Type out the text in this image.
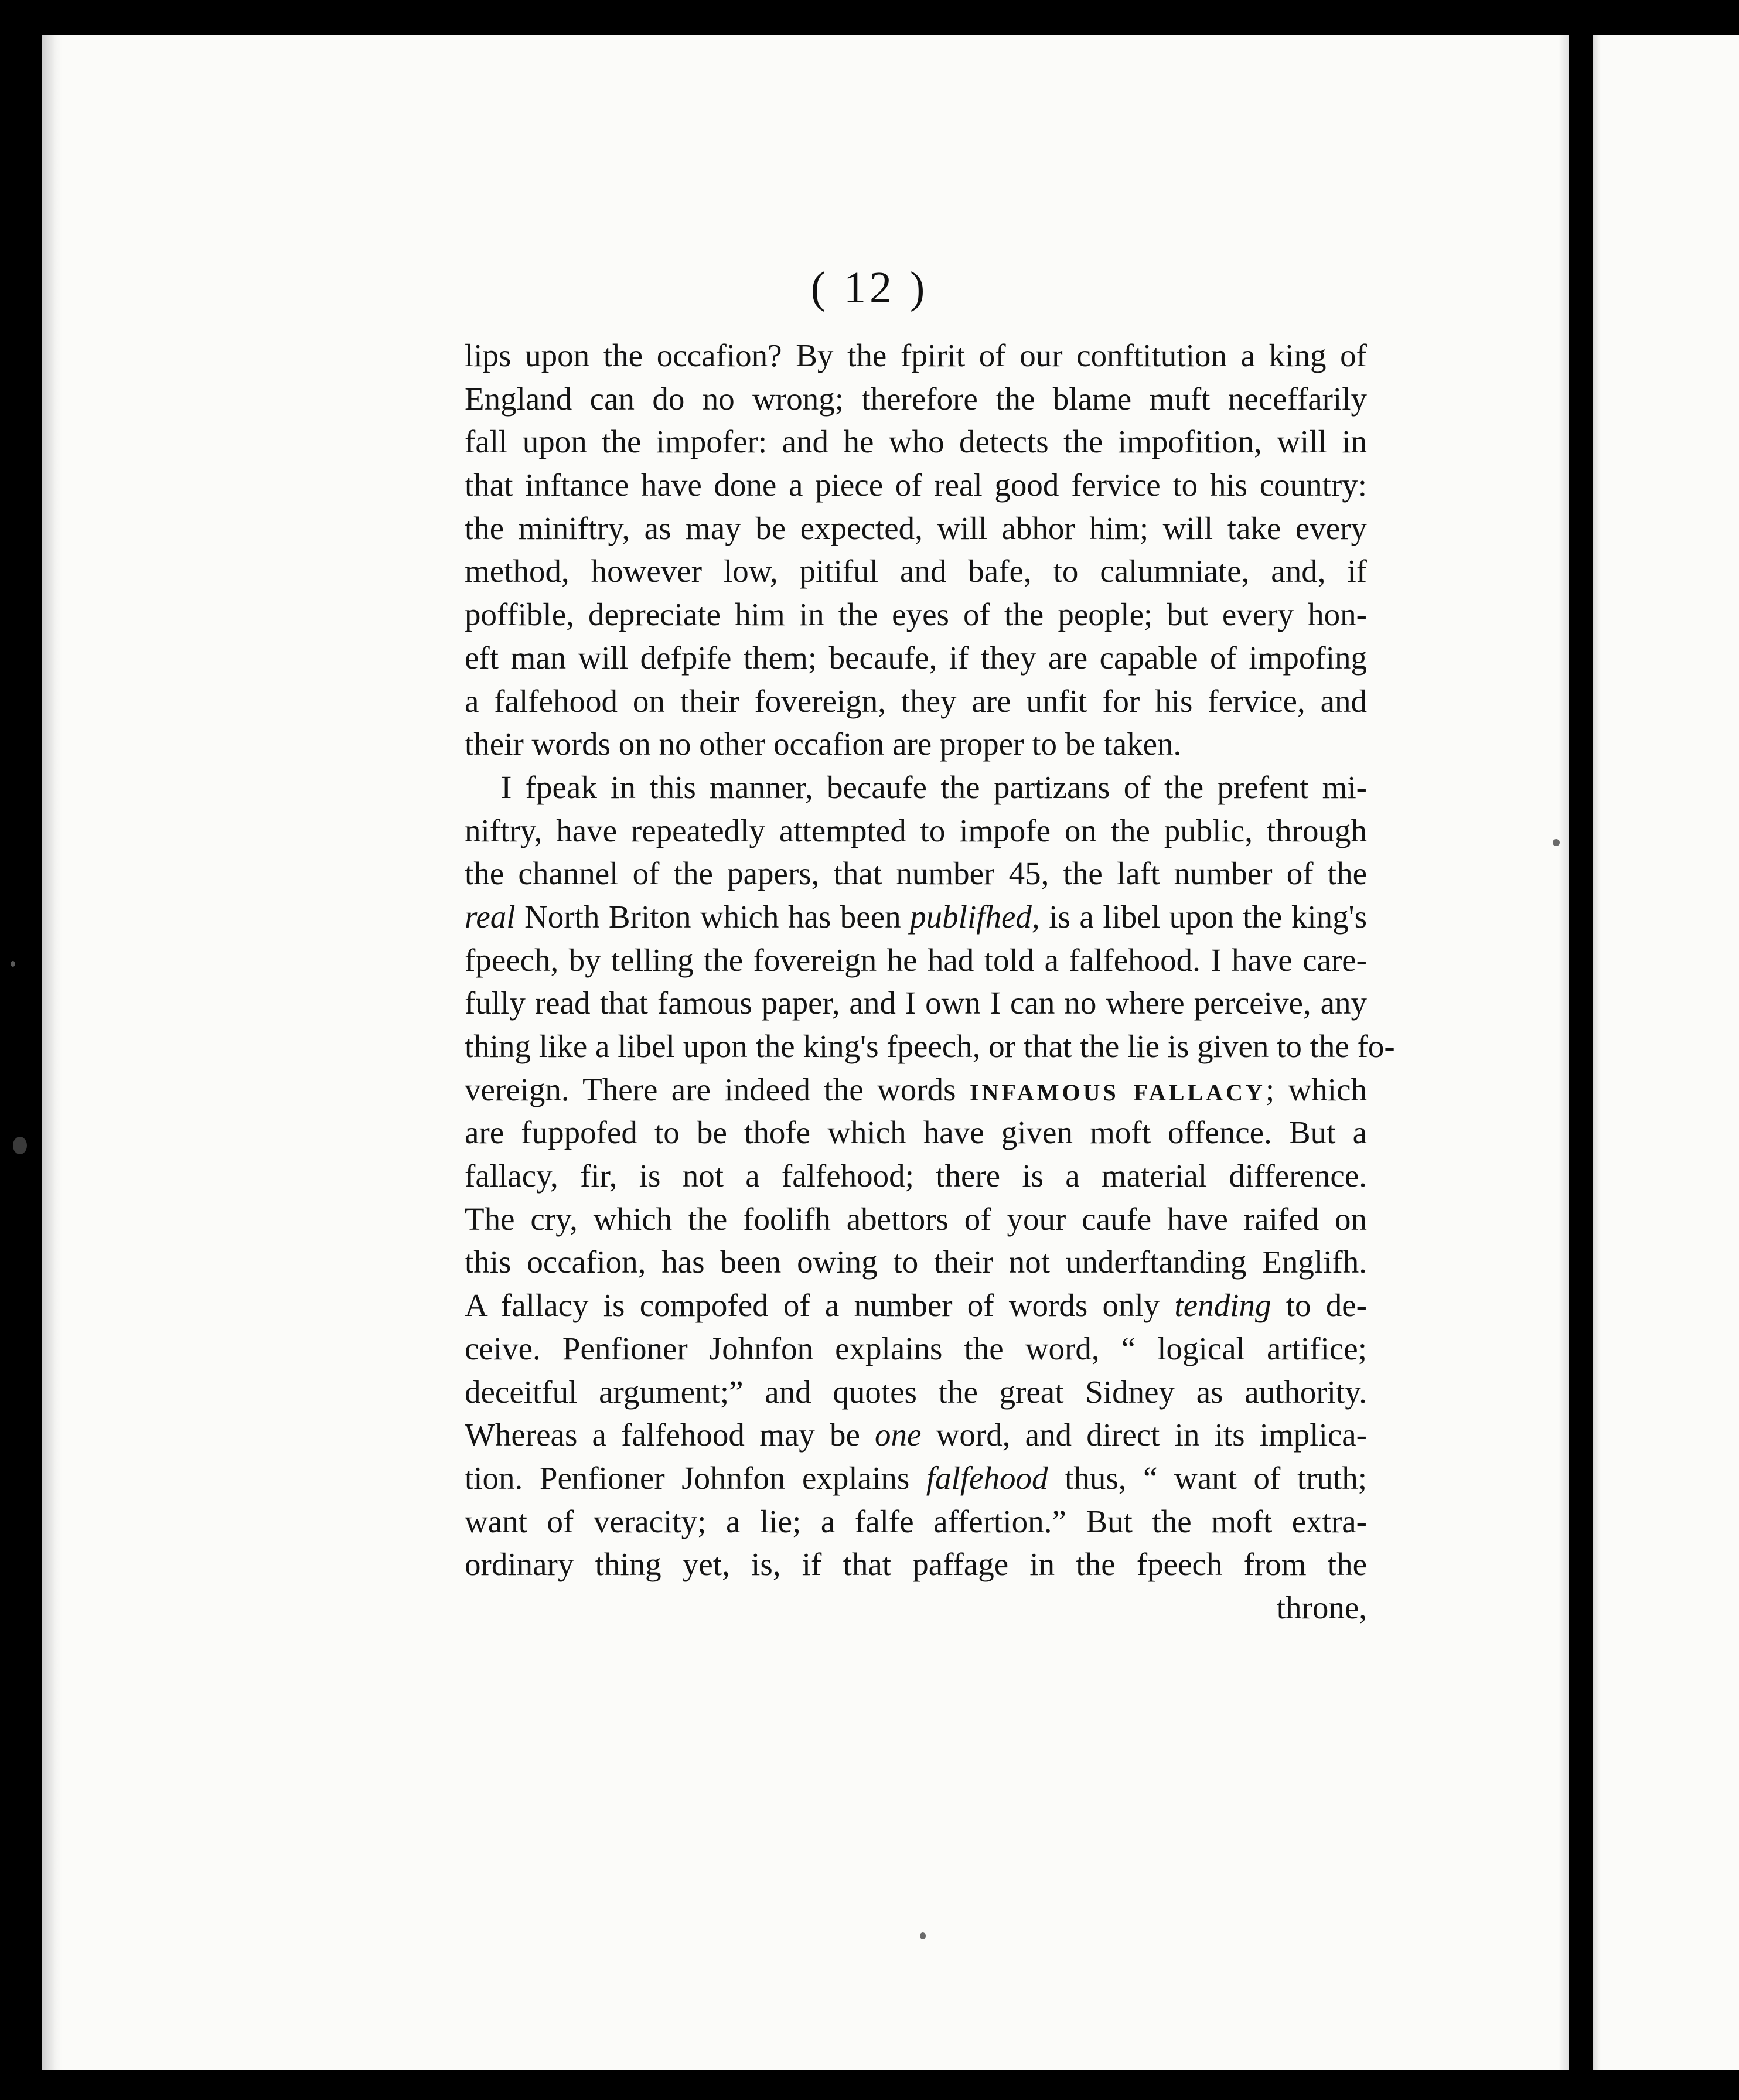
( 12 )
lips upon the occafion? By the fpirit of our conftitution a king of
England can do no wrong; therefore the blame muft neceffarily
fall upon the impofer: and he who detects the impofition, will in
that inftance have done a piece of real good fervice to his country:
the miniftry, as may be expected, will abhor him; will take every
method, however low, pitiful and bafe, to calumniate, and, if
poffible, depreciate him in the eyes of the people; but every hon-
eft man will defpife them; becaufe, if they are capable of impofing
a falfehood on their fovereign, they are unfit for his fervice, and
their words on no other occafion are proper to be taken.
I fpeak in this manner, becaufe the partizans of the prefent mi-
niftry, have repeatedly attempted to impofe on the public, through
the channel of the papers, that number 45, the laft number of the
real North Briton which has been publifhed, is a libel upon the king's
fpeech, by telling the fovereign he had told a falfehood. I have care-
fully read that famous paper, and I own I can no where perceive, any
thing like a libel upon the king's fpeech, or that the lie is given to the fo-
vereign. There are indeed the words INFAMOUS FALLACY; which
are fuppofed to be thofe which have given moft offence. But a
fallacy, fir, is not a falfehood; there is a material difference.
The cry, which the foolifh abettors of your caufe have raifed on
this occafion, has been owing to their not underftanding Englifh.
A fallacy is compofed of a number of words only tending to de-
ceive. Penfioner Johnfon explains the word, “ logical artifice;
deceitful argument;” and quotes the great Sidney as authority.
Whereas a falfehood may be one word, and direct in its implica-
tion. Penfioner Johnfon explains falfehood thus, “ want of truth;
want of veracity; a lie; a falfe affertion.” But the moft extra-
ordinary thing yet, is, if that paffage in the fpeech from the
throne,
